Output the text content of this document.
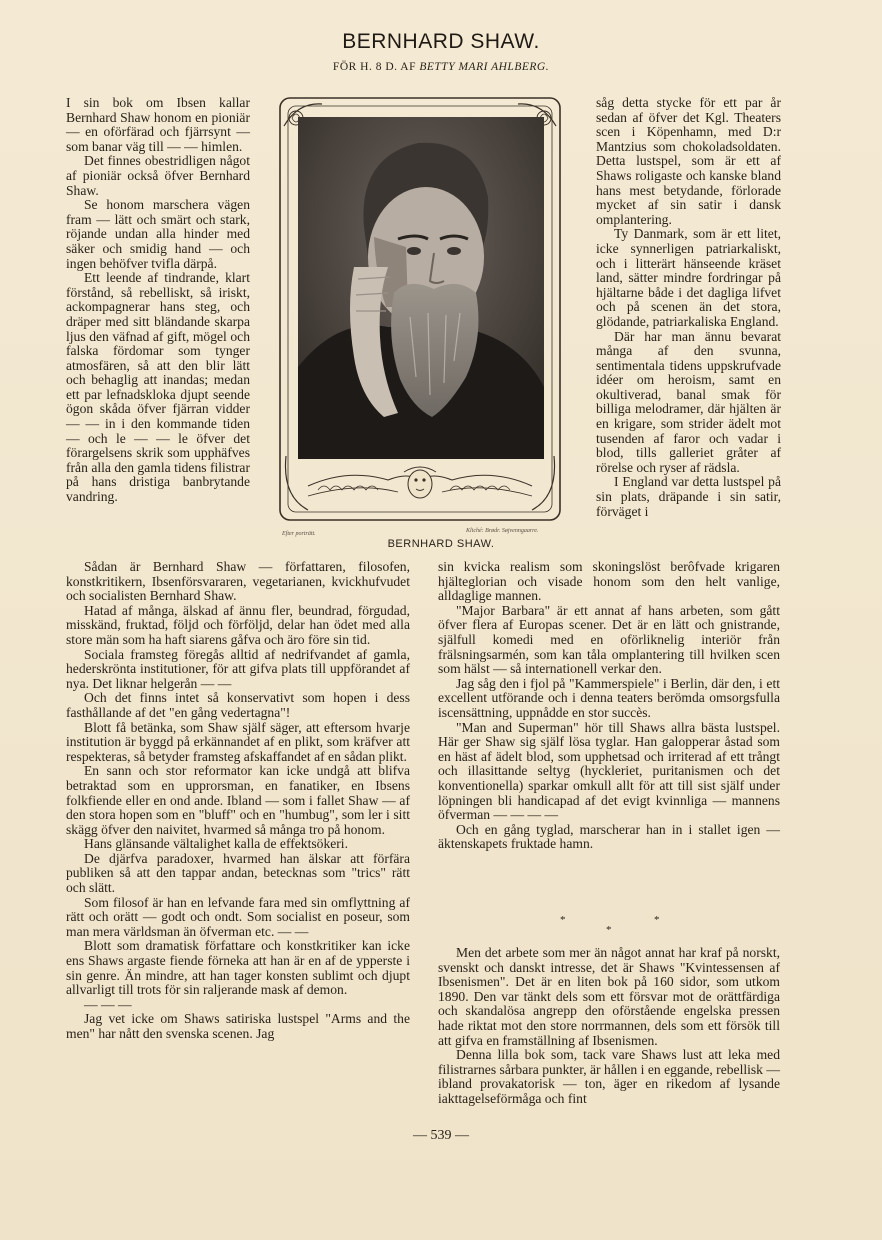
BERNHARD SHAW.
FÖR H. 8 D. AF BETTY MARI AHLBERG.
Efter porträtt.	Kliché: Brødr. Søjvenngaarre.
BERNHARD SHAW.

I sin bok om Ibsen kallar Bernhard Shaw honom en pioniär — en oförfärad och fjärrsynt — som banar väg till — — himlen.

Det finnes obestridligen något af pioniär också öfver Bernhard Shaw.

Se honom marschera vägen fram — lätt och smärt och stark, röjande undan alla hinder med säker och smidig hand — och ingen behöfver tvifla därpå.

Ett leende af tindrande, klart förstånd, så rebelliskt, så iriskt, ackompagnerar hans steg, och dräper med sitt bländande skarpa ljus den väfnad af gift, mögel och falska fördomar som tynger atmosfären, så att den blir lätt och behaglig att inandas; medan ett par lefnadskloka djupt seende ögon skåda öfver fjärran vidder — — in i den kommande tiden — och le — — le öfver det förargelsens skrik som upphäfves från alla den gamla tidens filistrar på hans dristiga banbrytande vandring.

Sådan är Bernhard Shaw — författaren, filosofen, konstkritikern, Ibsenförsvararen, vegetarianen, kvickhufvudet och socialisten Bernhard Shaw.

Hatad af många, älskad af ännu fler, beundrad, förgudad, misskänd, fruktad, följd och förföljd, delar han ödet med alla store män som ha haft siarens gåfva och äro före sin tid.

Sociala framsteg föregås alltid af nedrifvandet af gamla, hederskrönta institutioner, för att gifva plats till uppförandet af nya. Det liknar helgerån — —

Och det finns intet så konservativt som hopen i dess fasthållande af det "en gång vedertagna"!

Blott få betänka, som Shaw själf säger, att eftersom hvarje institution är byggd på erkännandet af en plikt, som kräfver att respekteras, så betyder framsteg afskaffandet af en sådan plikt.

En sann och stor reformator kan icke undgå att blifva betraktad som en upprorsman, en fanatiker, en Ibsens folkfiende eller en ond ande. Ibland — som i fallet Shaw — af den stora hopen som en "bluff" och en "humbug", som ler i sitt skägg öfver den naivitet, hvarmed så många tro på honom.

Hans glänsande vältalighet kalla de effektsökeri.

De djärfva paradoxer, hvarmed han älskar att förfära publiken så att den tappar andan, betecknas som "trics" rätt och slätt.

Som filosof är han en lefvande fara med sin omflyttning af rätt och orätt — godt och ondt. Som socialist en poseur, som man mera världsman än öfverman etc. — —

Blott som dramatisk författare och konstkritiker kan icke ens Shaws argaste fiende förneka att han är en af de ypperste i sin genre. Än mindre, att han tager konsten sublimt och djupt allvarligt till trots för sin raljerande mask af demon.

— — —

Jag vet icke om Shaws satiriska lustspel "Arms and the men" har nått den svenska scenen. Jag

såg detta stycke för ett par år sedan af öfver det Kgl. Theaters scen i Köpenhamn, med D:r Mantzius som chokoladsoldaten. Detta lustspel, som är ett af Shaws roligaste och kanske bland hans mest betydande, förlorade mycket af sin satir i dansk omplantering.

Ty Danmark, som är ett litet, icke synnerligen patriarkaliskt, och i litterärt hänseende kräset land, sätter mindre fordringar på hjältarne både i det dagliga lifvet och på scenen än det stora, glödande, patriarkaliska England.

Där har man ännu bevarat många af den svunna, sentimentala tidens uppskrufvade idéer om heroism, samt en okultiverad, banal smak för billiga melodramer, där hjälten är en krigare, som strider ädelt mot tusenden af faror och vadar i blod, tills galleriet gråter af rörelse och ryser af rädsla.

I England var detta lustspel på sin plats, dräpande i sin satir, förväget i

sin kvicka realism som skoningslöst berôfvade krigaren hjälteglorian och visade honom som den helt vanlige, alldaglige mannen.

"Major Barbara" är ett annat af hans arbeten, som gått öfver flera af Europas scener. Det är en lätt och gnistrande, själfull komedi med en oförliknelig interiör från frälsningsarmén, som kan tåla omplantering till hvilken scen som hälst — så internationell verkar den.

Jag såg den i fjol på "Kammerspiele" i Berlin, där den, i ett excellent utförande och i denna teaters berömda omsorgsfulla iscensättning, uppnådde en stor succès.

"Man and Superman" hör till Shaws allra bästa lustspel. Här ger Shaw sig själf lösa tyglar. Han galopperar åstad som en häst af ädelt blod, som upphetsad och irriterad af ett trångt och illasittande seltyg (hyckleriet, puritanismen och det konventionella) sparkar omkull allt för att till sist själf under löpningen bli handicapad af det evigt kvinnliga — mannens öfverman — — — —

Och en gång tyglad, marscherar han in i stallet igen — äktenskapets fruktade hamn.

*
*
*

Men det arbete som mer än något annat har kraf på norskt, svenskt och danskt intresse, det är Shaws "Kvintessensen af Ibsenismen". Det är en liten bok på 160 sidor, som utkom 1890. Den var tänkt dels som ett försvar mot de orättfärdiga och skandalösa angrepp den oförstående engelska pressen hade riktat mot den store norrmannen, dels som ett försök till att gifva en framställning af Ibsenismen.

Denna lilla bok som, tack vare Shaws lust att leka med filistrarnes sårbara punkter, är hållen i en eggande, rebellisk — ibland provakatorisk — ton, äger en rikedom af lysande iakttagelseförmåga och fint

— 539 —
